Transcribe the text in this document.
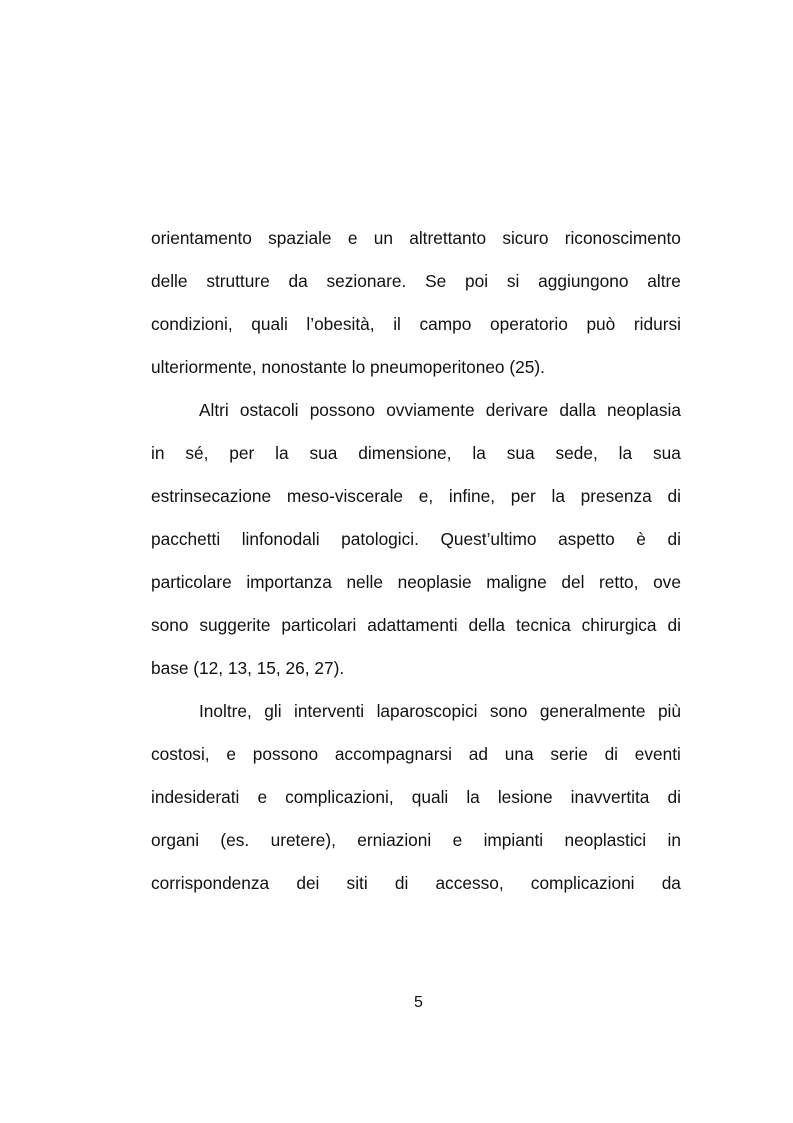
orientamento spaziale e un altrettanto sicuro riconoscimento
delle strutture da sezionare. Se poi si aggiungono altre
condizioni, quali l’obesità, il campo operatorio può ridursi
ulteriormente, nonostante lo pneumoperitoneo (25).
Altri ostacoli possono ovviamente derivare dalla neoplasia
in sé, per la sua dimensione, la sua sede, la sua
estrinsecazione meso-viscerale e, infine, per la presenza di
pacchetti linfonodali patologici. Quest’ultimo aspetto è di
particolare importanza nelle neoplasie maligne del retto, ove
sono suggerite particolari adattamenti della tecnica chirurgica di
base (12, 13, 15, 26, 27).
Inoltre, gli interventi laparoscopici sono generalmente più
costosi, e possono accompagnarsi ad una serie di eventi
indesiderati e complicazioni, quali la lesione inavvertita di
organi (es. uretere), erniazioni e impianti neoplastici in
corrispondenza dei siti di accesso, complicazioni da
5
